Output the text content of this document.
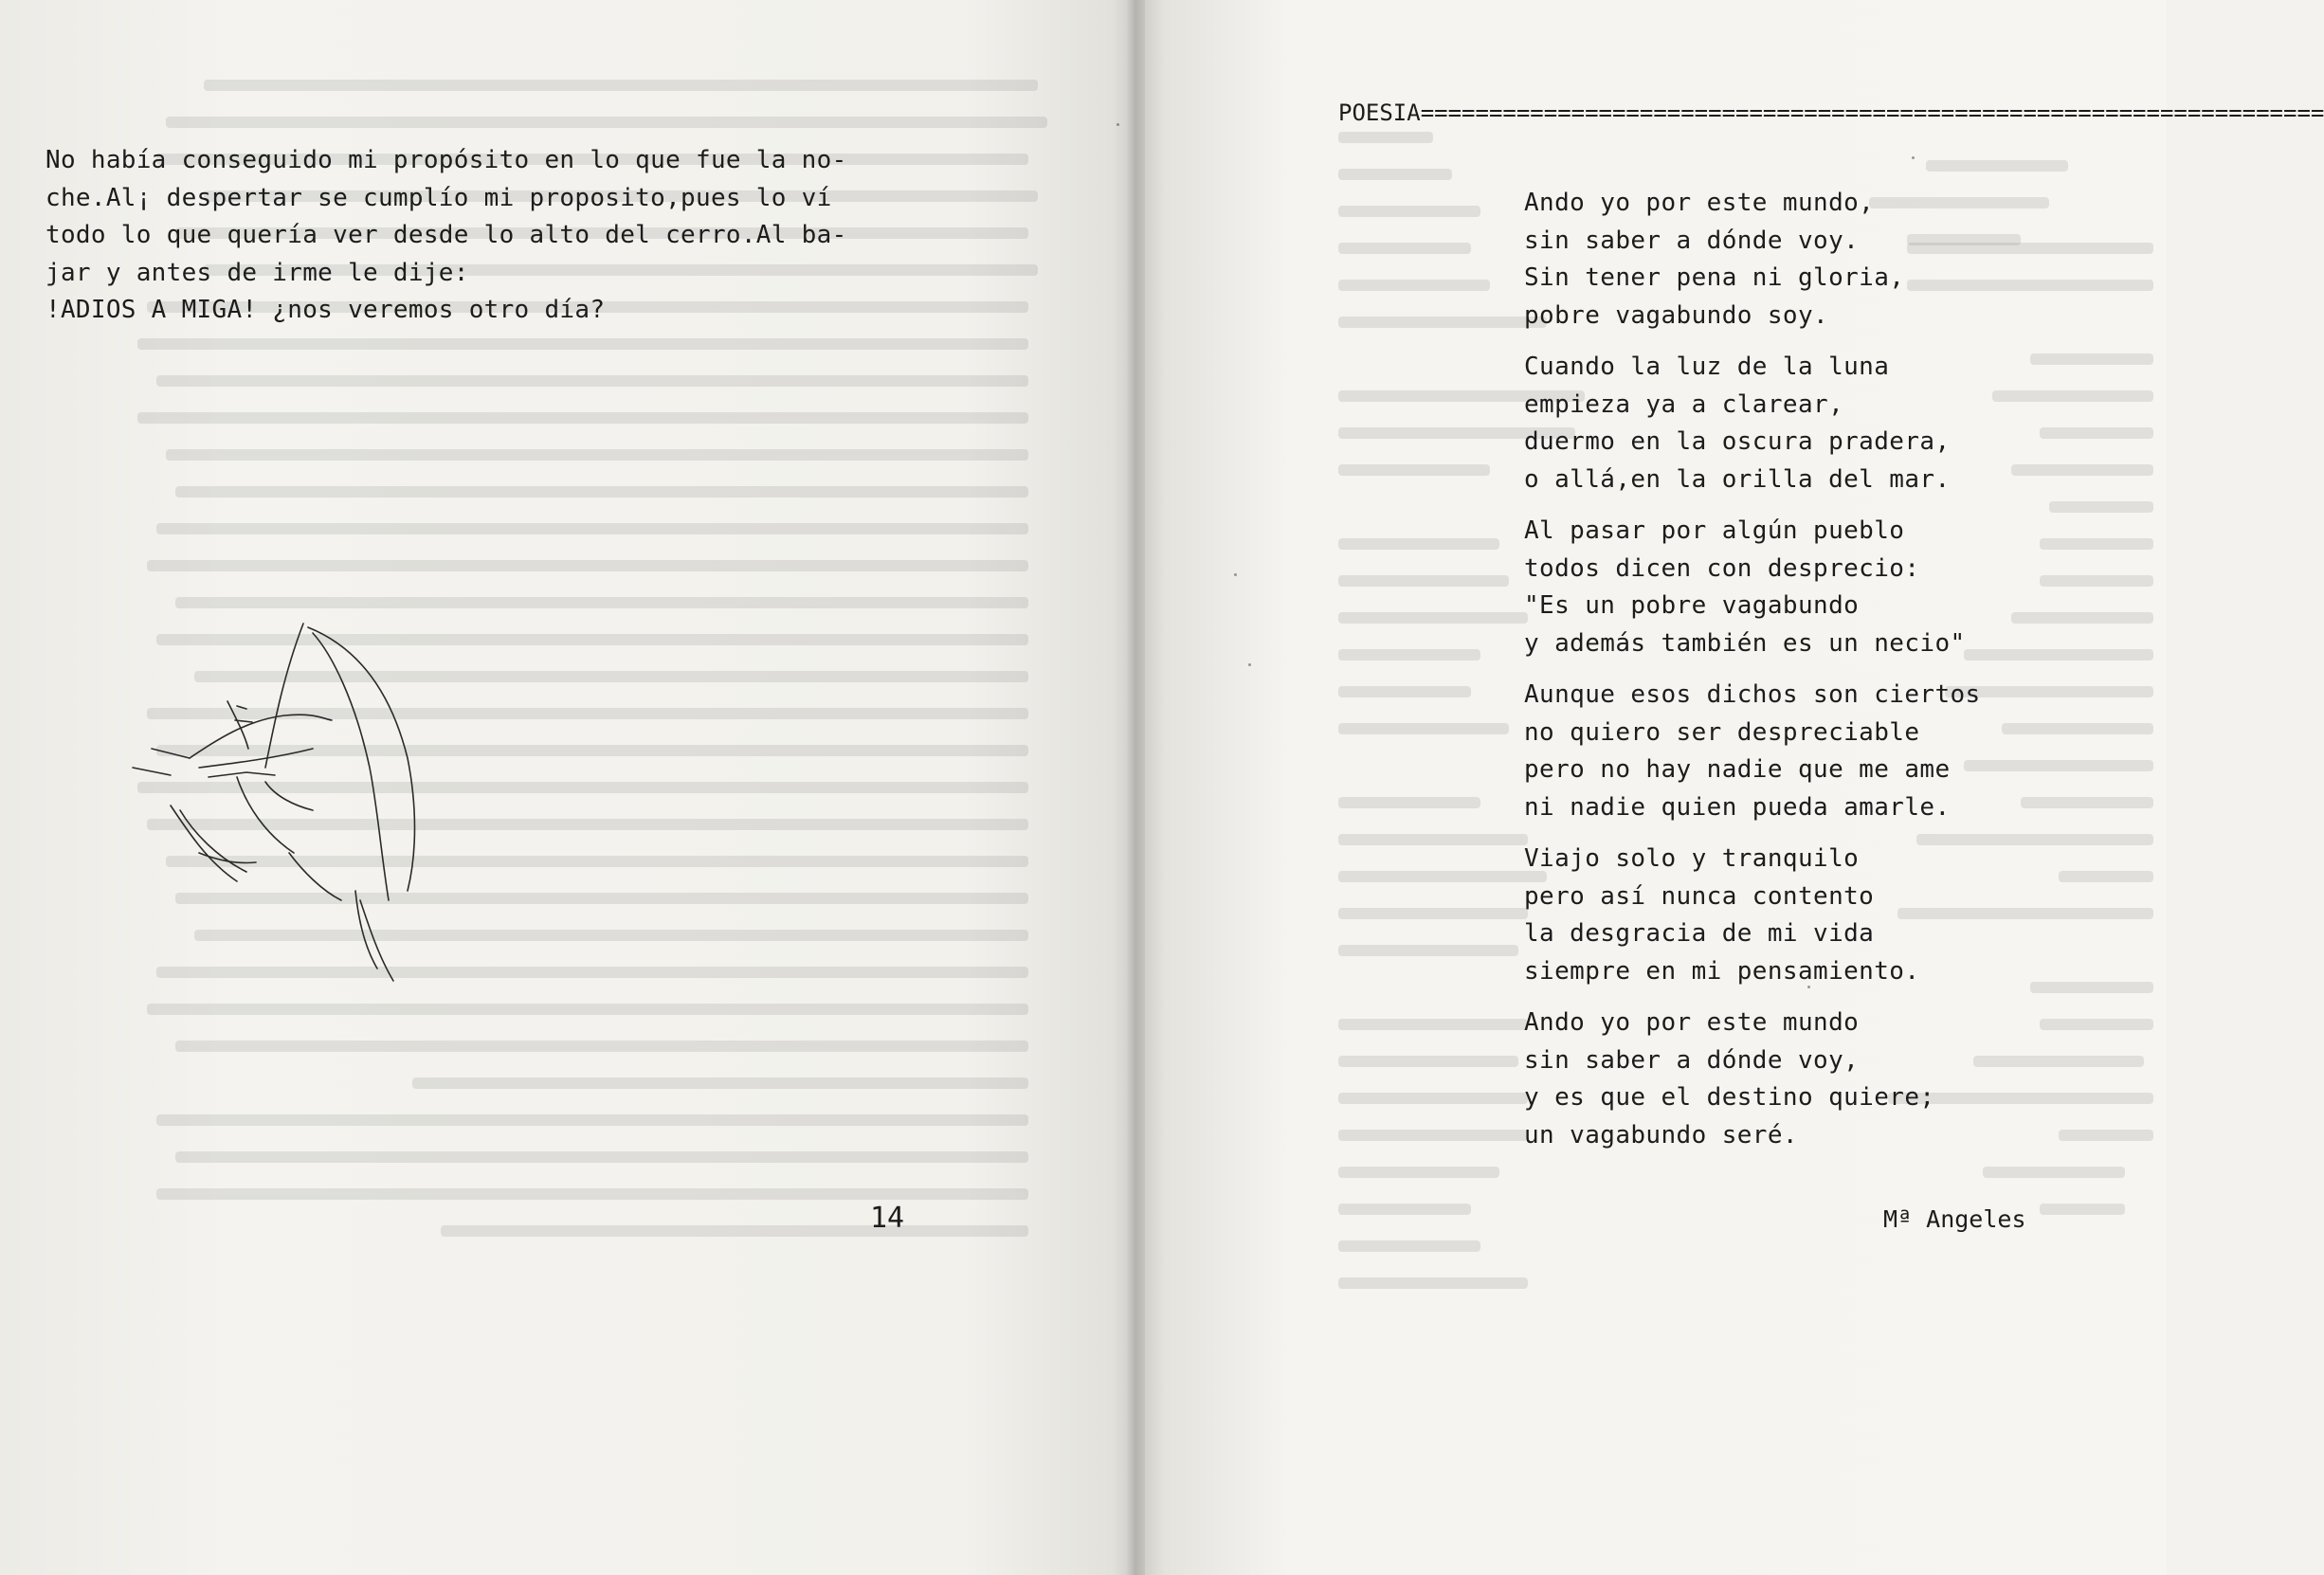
No había conseguido mi propósito en lo que fue la no-
che.Al¡ despertar se cumplío mi proposito,pues lo ví
todo lo que quería ver desde lo alto del cerro.Al ba-
jar y antes de irme le dije:
!ADIOS A MIGA! ¿nos veremos otro día?
14
POESIA==================================================================
Ando yo por este mundo,
sin saber a dónde voy.
Sin tener pena ni gloria,
pobre vagabundo soy.
Cuando la luz de la luna
empieza ya a clarear,
duermo en la oscura pradera,
o allá,en la orilla del mar.
Al pasar por algún pueblo
todos dicen con desprecio:
"Es un pobre vagabundo
y además también es un necio"
Aunque esos dichos son ciertos
no quiero ser despreciable
pero no hay nadie que me ame
ni nadie quien pueda amarle.
Viajo solo y tranquilo
pero así nunca contento
la desgracia de mi vida
siempre en mi pensamiento.
Ando yo por este mundo
sin saber a dónde voy,
y es que el destino quiere;
un vagabundo seré.
Mª Angeles
